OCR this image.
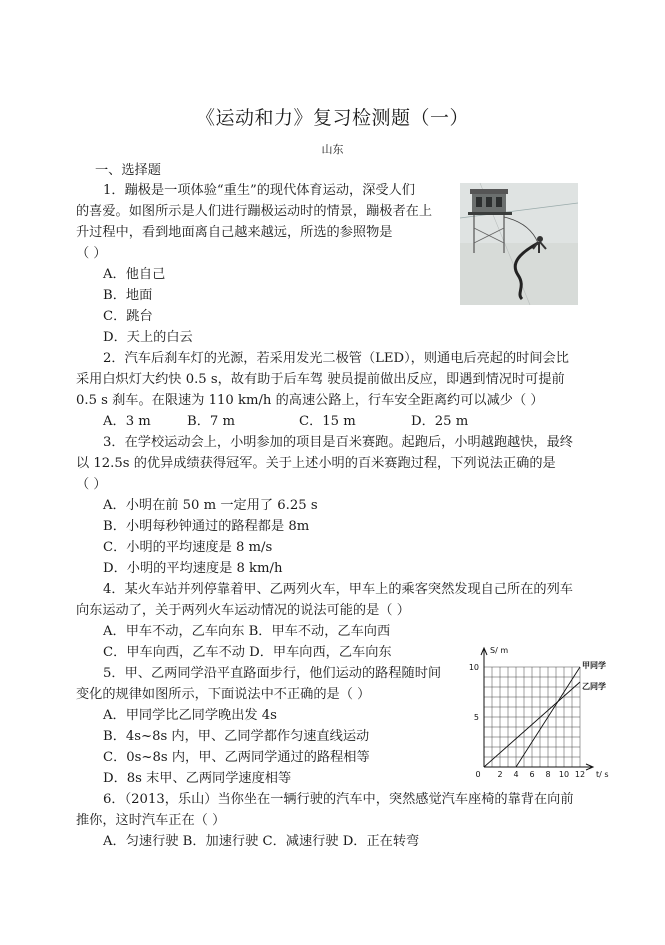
《运动和力》复习检测题（一）
山东
一、选择题
1．蹦极是一项体验“重生”的现代体育运动，深受人们
的喜爱。如图所示是人们进行蹦极运动时的情景，蹦极者在上
升过程中，看到地面离自己越来越远，所选的参照物是
（ ）
A．他自己
B．地面
C．跳台
D．天上的白云
2．汽车后刹车灯的光源，若采用发光二极管（LED），则通电后亮起的时间会比
采用白炽灯大约快 0.5 s，故有助于后车驾 驶员提前做出反应，即遇到情况时可提前
0.5 s 刹车。在限速为 110 km/h 的高速公路上，行车安全距离约可以减少（ ）
A．3 m	B．7 m	C．15 m	D．25 m
3．在学校运动会上，小明参加的项目是百米赛跑。起跑后，小明越跑越快，最终
以 12.5s 的优异成绩获得冠军。关于上述小明的百米赛跑过程，下列说法正确的是
（ ）
A．小明在前 50 m 一定用了 6.25 s
B．小明每秒钟通过的路程都是 8m
C．小明的平均速度是 8 m/s
D．小明的平均速度是 8 km/h
4．某火车站并列停靠着甲、乙两列火车，甲车上的乘客突然发现自己所在的列车
向东运动了，关于两列火车运动情况的说法可能的是（ ）
A．甲车不动，乙车向东 B．甲车不动，乙车向西
C．甲车向西，乙车不动 D．甲车向西，乙车向东
5．甲、乙两同学沿平直路面步行，他们运动的路程随时间
变化的规律如图所示，下面说法中不正确的是（ ）
A．甲同学比乙同学晚出发 4s
B．4s~8s 内，甲、乙同学都作匀速直线运动
C．0s~8s 内，甲、乙两同学通过的路程相等
D．8s 末甲、乙两同学速度相等
S/ m
t/ s
5
10
0 2 4 6 8 10 12
甲同学
乙同学
6．（2013，乐山）当你坐在一辆行驶的汽车中，突然感觉汽车座椅的靠背在向前
推你，这时汽车正在（ ）
A．匀速行驶 B．加速行驶 C．减速行驶 D．正在转弯
